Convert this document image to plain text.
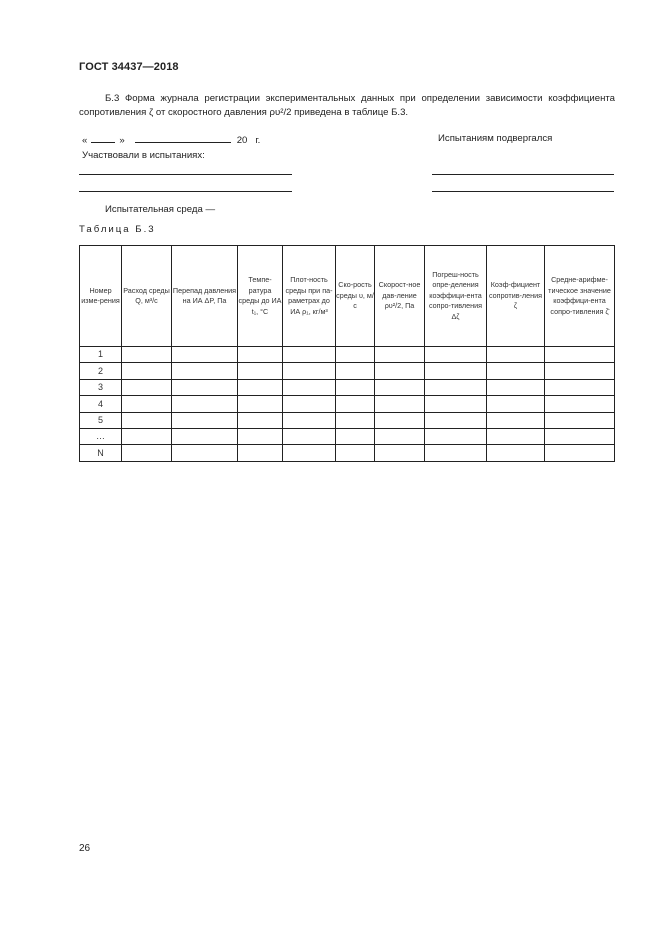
ГОСТ 34437—2018
Б.3 Форма журнала регистрации экспериментальных данных при определении зависимости коэффициента сопротивления ζ от скоростного давления ρυ²/2 приведена в таблице Б.3.
«	»	20 г.	Испытаниям подвергался
Участвовали в испытаниях:
Испытательная среда —
Таблица Б.3
Номер изме-рения	Расход среды Q, м³/с	Перепад давления на ИА ΔP, Па	Темпе-ратура среды до ИА t₁, °C	Плот-ность среды при па-раметрах до ИА ρ₁, кг/м³	Ско-рость среды υ, м/с	Скорост-ное дав-ление ρυ²/2, Па	Погреш-ность опре-деления коэффици-ента сопро-тивления Δζ	Коэф-фициент сопротив-ления ζ	Средне-арифме-тическое значение коэффици-ента сопро-тивления ζ̄
1									
2									
3									
4									
5									
…									
N									
26
